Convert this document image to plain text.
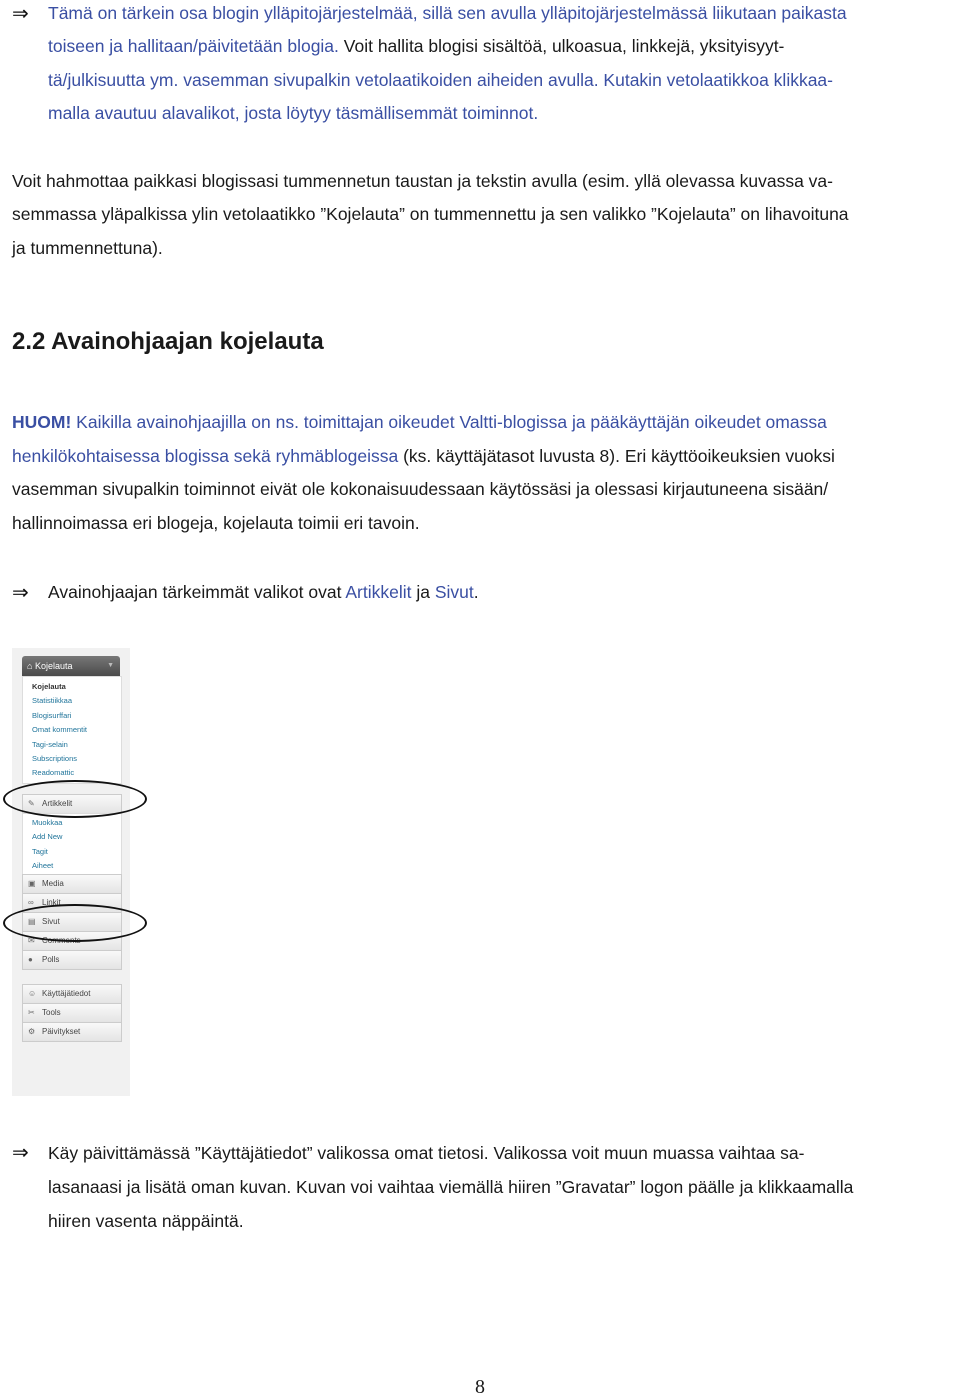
⇒ Tämä on tärkein osa blogin ylläpitojärjestelmää, sillä sen avulla ylläpitojärjestelmässä liikutaan paikasta

toiseen ja hallitaan/päivitetään blogia. Voit hallita blogisi sisältöä, ulkoasua, linkkejä, yksityisyyt-

tä/julkisuutta ym. vasemman sivupalkin vetolaatikoiden aiheiden avulla. Kutakin vetolaatikkoa klikkaa-

malla avautuu alavalikot, josta löytyy täsmällisemmät toiminnot.

Voit hahmottaa paikkasi blogissasi tummennetun taustan ja tekstin avulla (esim. yllä olevassa kuvassa va-

semmassa yläpalkissa ylin vetolaatikko ”Kojelauta” on tummennettu ja sen valikko ”Kojelauta” on lihavoituna

ja tummennettuna).

2.2 Avainohjaajan kojelauta

HUOM! Kaikilla avainohjaajilla on ns. toimittajan oikeudet Valtti-blogissa ja pääkäyttäjän oikeudet omassa

henkilökohtaisessa blogissa sekä ryhmäblogeissa (ks. käyttäjätasot luvusta 8). Eri käyttöoikeuksien vuoksi

vasemman sivupalkin toiminnot eivät ole kokonaisuudessaan käytössäsi ja olessasi kirjautuneena sisään/

hallinnoimassa eri blogeja, kojelauta toimii eri tavoin.

⇒ Avainohjaajan tärkeimmät valikot ovat Artikkelit ja Sivut.

⌂ Kojelauta	▼
Kojelauta
Statistiikkaa
Blogisurffari
Omat kommentit
Tagi-selain
Subscriptions
Readomattic
✎ Artikkelit
Muokkaa
Add New
Tagit
Aiheet
▣ Media
∞ Linkit
▤ Sivut
✉ Comments
● Polls
☺ Käyttäjätiedot
✂ Tools
⚙ Päivitykset
⇒ Käy päivittämässä ”Käyttäjätiedot” valikossa omat tietosi. Valikossa voit muun muassa vaihtaa sa-

lasanaasi ja lisätä oman kuvan. Kuvan voi vaihtaa viemällä hiiren ”Gravatar” logon päälle ja klikkaamalla

hiiren vasenta näppäintä.

8
